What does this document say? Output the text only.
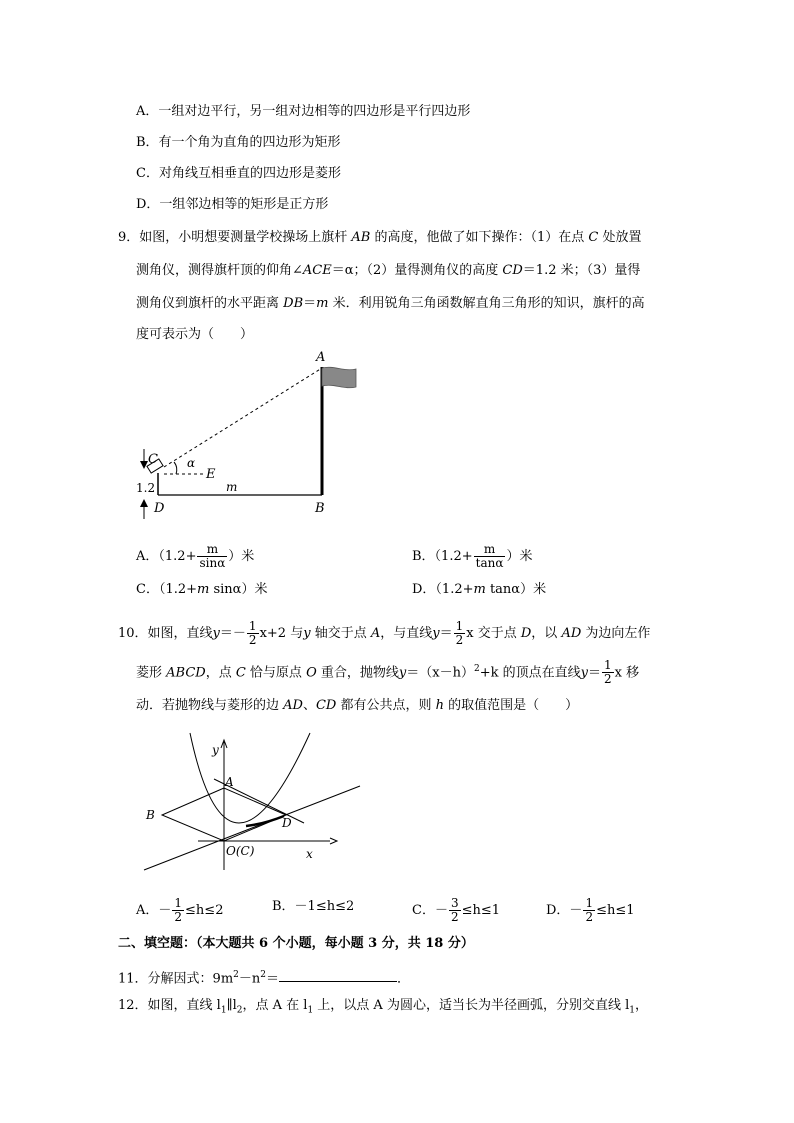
A．一组对边平行，另一组对边相等的四边形是平行四边形
B．有一个角为直角的四边形为矩形
C．对角线互相垂直的四边形是菱形
D．一组邻边相等的矩形是正方形
9．如图，小明想要测量学校操场上旗杆 AB 的高度，他做了如下操作：（1）在点 C 处放置
测角仪，测得旗杆顶的仰角∠ACE＝α；（2）量得测角仪的高度 CD＝1.2 米；（3）量得
测角仪到旗杆的水平距离 DB＝m 米．利用锐角三角函数解直角三角形的知识，旗杆的高
度可表示为（　　）
A
C α
E
1.2	m
D	B
A．（$1.2+ \frac{m}{\sin\alpha}$ ）米	B．（$1.2+ \frac{m}{\tan\alpha}$ ）米
C．（1.2+m sinα）米	D．（1.2+m tanα）米
10．如图，直线$y=- \frac{1}{2} x+2$ 与y 轴交于点 A，与直线$y= \frac{1}{2}$ x 交于点 D，以 AD 为边向左作
菱形 ABCD，点 C 恰与原点 O 重合，抛物线$y=(x-h)^2+k$ 的顶点在直线$y= \frac{1}{2}$ x 移
动．若抛物线与菱形的边 AD、CD 都有公共点，则 h 的取值范围是（　　）
y
A
B
D
O(C)	x
A．－ $\frac{1}{2} \le h\le 2$	B．－1≤h≤2	C．－ $\frac{3}{2} \le h\le 1$	D．－ $\frac{1}{2} \le h\le 1$
二、填空题：（本大题共 6 个小题，每小题 3 分，共 18 分）
11．分解因式：$9m^2-n^2=$	．
12．如图，直线 $l_1\parallel l_2$，点 A 在 $l_1$ 上，以点 A 为圆心，适当长为半径画弧，分别交直线 $l_1$，
